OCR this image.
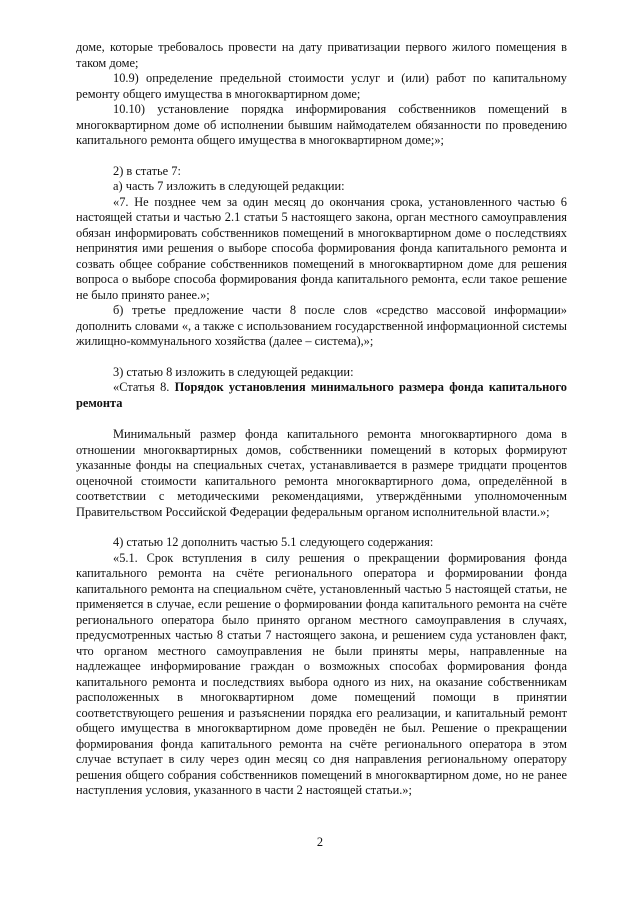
доме, которые требовалось провести на дату приватизации первого жилого помещения в таком доме;

10.9) определение предельной стоимости услуг и (или) работ по капитальному ремонту общего имущества в многоквартирном доме;

10.10) установление порядка информирования собственников помещений в многоквартирном доме об исполнении бывшим наймодателем обязанности по проведению капитального ремонта общего имущества в многоквартирном доме;»;

2) в статье 7:

а) часть 7 изложить в следующей редакции:

«7. Не позднее чем за один месяц до окончания срока, установленного частью 6 настоящей статьи и частью 2.1 статьи 5 настоящего закона, орган местного самоуправления обязан информировать собственников помещений в многоквартирном доме о последствиях непринятия ими решения о выборе способа формирования фонда капитального ремонта и созвать общее собрание собственников помещений в многоквартирном доме для решения вопроса о выборе способа формирования фонда капитального ремонта, если такое решение не было принято ранее.»;

б) третье предложение части 8 после слов «средство массовой информации» дополнить словами «, а также с использованием государственной информационной системы жилищно-коммунального хозяйства (далее – система),»;

3) статью 8 изложить в следующей редакции:

«Статья 8. Порядок установления минимального размера фонда капитального ремонта

Минимальный размер фонда капитального ремонта многоквартирного дома в отношении многоквартирных домов, собственники помещений в которых формируют указанные фонды на специальных счетах, устанавливается в размере тридцати процентов оценочной стоимости капитального ремонта многоквартирного дома, определённой в соответствии с методическими рекомендациями, утверждёнными уполномоченным Правительством Российской Федерации федеральным органом исполнительной власти.»;

4) статью 12 дополнить частью 5.1 следующего содержания:

«5.1. Срок вступления в силу решения о прекращении формирования фонда капитального ремонта на счёте регионального оператора и формировании фонда капитального ремонта на специальном счёте, установленный частью 5 настоящей статьи, не применяется в случае, если решение о формировании фонда капитального ремонта на счёте регионального оператора было принято органом местного самоуправления в случаях, предусмотренных частью 8 статьи 7 настоящего закона, и решением суда установлен факт, что органом местного самоуправления не были приняты меры, направленные на надлежащее информирование граждан о возможных способах формирования фонда капитального ремонта и последствиях выбора одного из них, на оказание собственникам расположенных в многоквартирном доме помещений помощи в принятии соответствующего решения и разъяснении порядка его реализации, и капитальный ремонт общего имущества в многоквартирном доме проведён не был. Решение о прекращении формирования фонда капитального ремонта на счёте регионального оператора в этом случае вступает в силу через один месяц со дня направления региональному оператору решения общего собрания собственников помещений в многоквартирном доме, но не ранее наступления условия, указанного в части 2 настоящей статьи.»;

2
